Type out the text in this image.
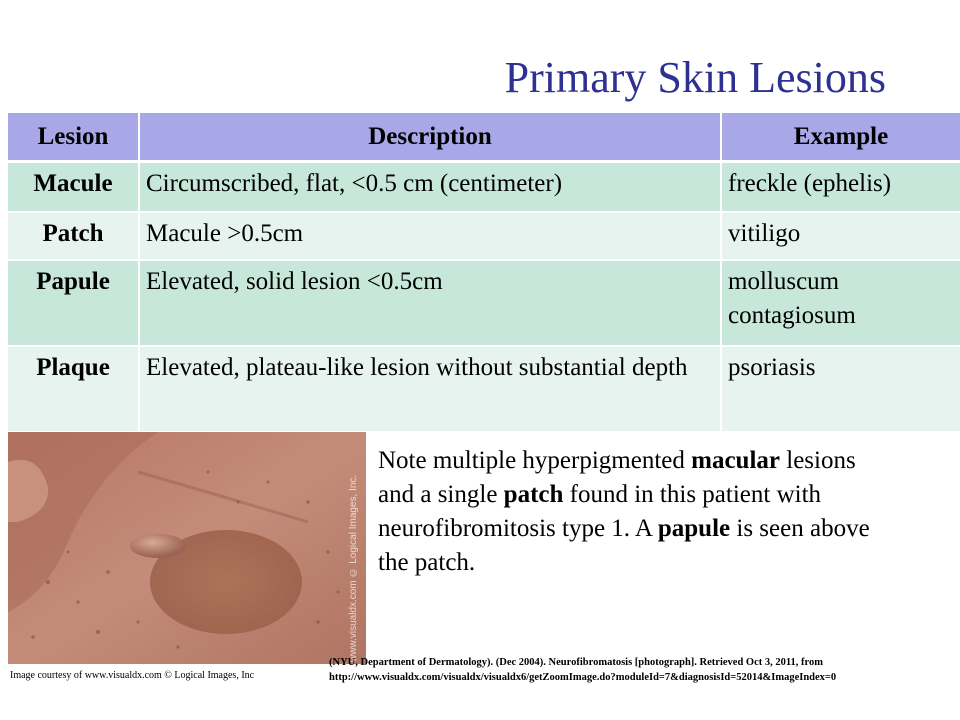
Primary Skin Lesions
Lesion	Description	Example
Macule	Circumscribed, flat, <0.5 cm (centimeter)	freckle (ephelis)
Patch	Macule >0.5cm	vitiligo
Papule	Elevated, solid lesion <0.5cm	molluscum contagiosum
Plaque	Elevated, plateau-like lesion without substantial depth	psoriasis
www.visualdx.com © Logical Images, Inc.
Note multiple hyperpigmented macular lesions and a single patch found in this patient with neurofibromitosis type 1. A papule is seen above the patch.
Image courtesy of www.visualdx.com © Logical Images, Inc
(NYU, Department of Dermatology). (Dec 2004). Neurofibromatosis [photograph]. Retrieved Oct 3, 2011, from http://www.visualdx.com/visualdx/visualdx6/getZoomImage.do?moduleId=7&diagnosisId=52014&ImageIndex=0
